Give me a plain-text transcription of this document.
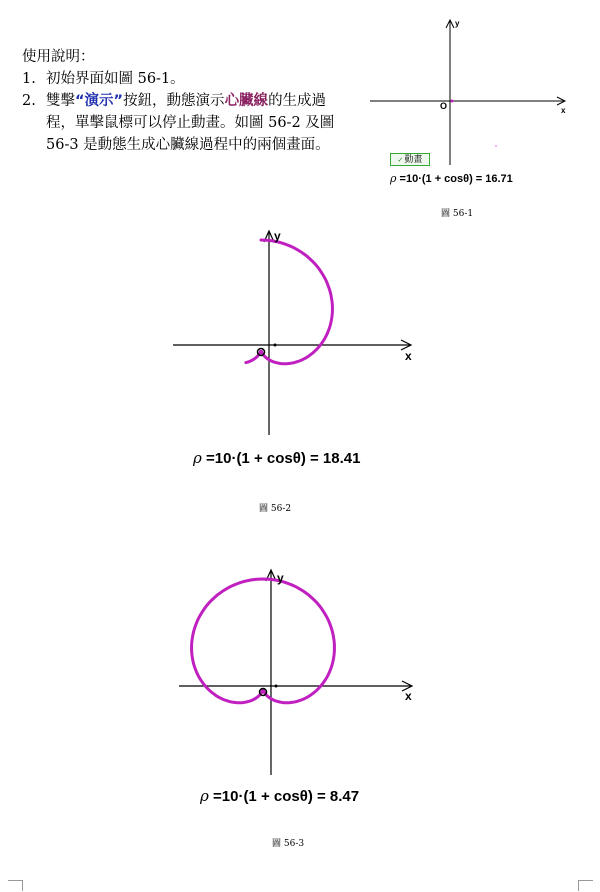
使用說明：
1. 初始界面如圖 56-1。
2. 雙擊“演示”按鈕，動態演示心臟線的生成過
程，單擊鼠標可以停止動畫。如圖 56-2 及圖
56-3 是動態生成心臟線過程中的兩個畫面。
O	x
y
✓動畫
ρ =10·(1 + cosθ) = 16.71
圖 56-1
x
y
ρ =10·(1 + cosθ) = 18.41
圖 56-2
x
y
ρ =10·(1 + cosθ) = 8.47
圖 56-3
